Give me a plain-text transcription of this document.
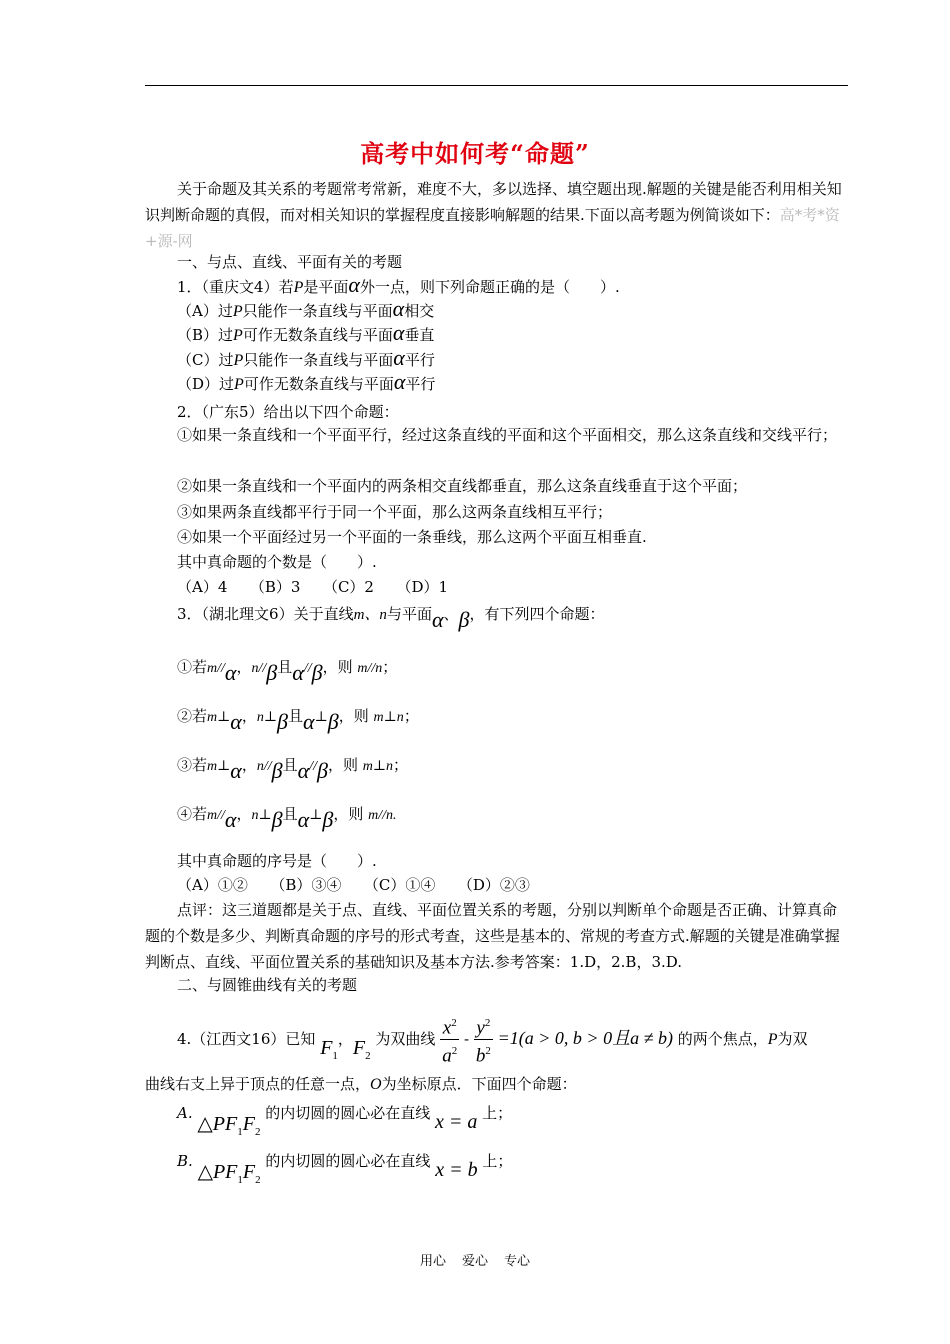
高考中如何考“命题”
关于命题及其关系的考题常考常新，难度不大，多以选择、填空题出现.解题的关键是能否利用相关知识判断命题的真假，而对相关知识的掌握程度直接影响解题的结果.下面以高考题为例简谈如下：高*考*资+源-网
一、与点、直线、平面有关的考题
1．（重庆文4）若P是平面α外一点，则下列命题正确的是（　　）.
（A）过P只能作一条直线与平面α相交
（B）过P可作无数条直线与平面α垂直
（C）过P只能作一条直线与平面α平行
（D）过P可作无数条直线与平面α平行
2．（广东5）给出以下四个命题：
①如果一条直线和一个平面平行，经过这条直线的平面和这个平面相交，那么这条直线和交线平行；
②如果一条直线和一个平面内的两条相交直线都垂直，那么这条直线垂直于这个平面；
③如果两条直线都平行于同一个平面，那么这两条直线相互平行；
④如果一个平面经过另一个平面的一条垂线，那么这两个平面互相垂直.
其中真命题的个数是（　　）.
（A）4　　（B）3　　（C）2　　（D）1
3．（湖北理文6）关于直线m、n与平面α、β，有下列四个命题：
①若m//α，n//β且α//β，则 m//n；
②若m⊥α，n⊥β且α⊥β，则 m⊥n；
③若m⊥α，n//β且α//β，则 m⊥n；
④若m//α，n⊥β且α⊥β，则 m//n.
其中真命题的序号是（　　）.
（A）①②　　（B）③④　　（C）①④　　（D）②③
点评：这三道题都是关于点、直线、平面位置关系的考题，分别以判断单个命题是否正确、计算真命题的个数是多少、判断真命题的序号的形式考查，这些是基本的、常规的考查方式.解题的关键是准确掌握判断点、直线、平面位置关系的基础知识及基本方法.参考答案：1.D，2.B，3.D.
二、与圆锥曲线有关的考题
4.（江西文16）已知 $F_1$，$F_2$ 为双曲线 $\frac{x^2}{a^2} - \frac{y^2}{b^2} =1(a > 0$, b > 0且a ≠ b) 的两个焦点，P为双
曲线右支上异于顶点的任意一点，O为坐标原点．下面四个命题：
A. $\triangle PF_1F_2$ 的内切圆的圆心必在直线 x = a 上；
B. $\triangle PF_1F_2$ 的内切圆的圆心必在直线 x = b 上；
用心 爱心 专心
